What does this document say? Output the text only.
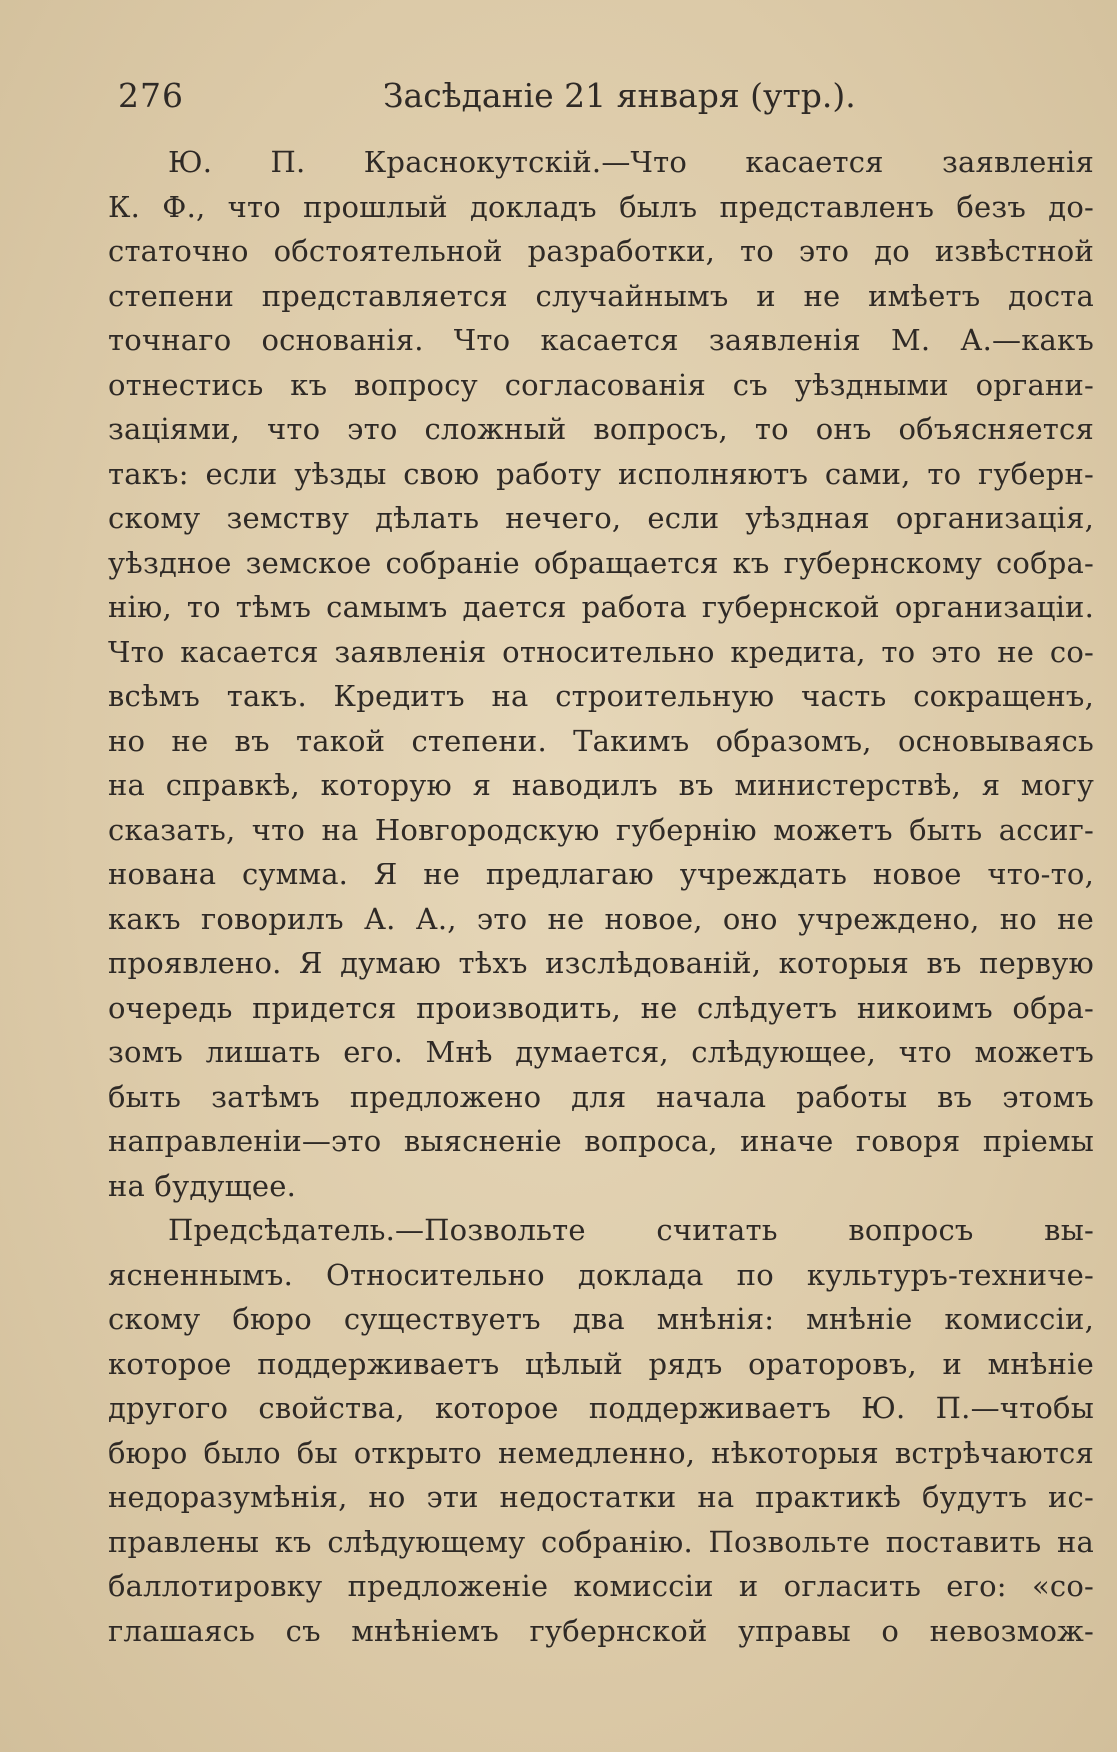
276	Засѣданіе 21 января (утр.).
Ю. П. Краснокутскій.—Что касается заявленія
К. Ф., что прошлый докладъ былъ представленъ безъ до-
статочно обстоятельной разработки, то это до извѣстной
степени представляется случайнымъ и не имѣетъ доста
точнаго основанія. Что касается заявленія М. А.—какъ
отнестись къ вопросу согласованія съ уѣздными органи-
заціями, что это сложный вопросъ, то онъ объясняется
такъ: если уѣзды свою работу исполняютъ сами, то губерн-
скому земству дѣлать нечего, если уѣздная организація,
уѣздное земское собраніе обращается къ губернскому собра-
нію, то тѣмъ самымъ дается работа губернской организаціи.
Что касается заявленія относительно кредита, то это не со-
всѣмъ такъ. Кредитъ на строительную часть сокращенъ,
но не въ такой степени. Такимъ образомъ, основываясь
на справкѣ, которую я наводилъ въ министерствѣ, я могу
сказать, что на Новгородскую губернію можетъ быть ассиг-
нована сумма. Я не предлагаю учреждать новое что-то,
какъ говорилъ А. А., это не новое, оно учреждено, но не
проявлено. Я думаю тѣхъ изслѣдованій, которыя въ первую
очередь придется производить, не слѣдуетъ никоимъ обра-
зомъ лишать его. Мнѣ думается, слѣдующее, что можетъ
быть затѣмъ предложено для начала работы въ этомъ
направленіи—это выясненіе вопроса, иначе говоря пріемы
на будущее.
Предсѣдатель.—Позвольте считать вопросъ вы-
ясненнымъ. Относительно доклада по культуръ-техниче-
скому бюро существуетъ два мнѣнія: мнѣніе комиссіи,
которое поддерживаетъ цѣлый рядъ ораторовъ, и мнѣніе
другого свойства, которое поддерживаетъ Ю. П.—чтобы
бюро было бы открыто немедленно, нѣкоторыя встрѣчаются
недоразумѣнія, но эти недостатки на практикѣ будутъ ис-
правлены къ слѣдующему собранію. Позвольте поставить на
баллотировку предложеніе комиссіи и огласить его: «со-
глашаясь съ мнѣніемъ губернской управы о невозмож-
